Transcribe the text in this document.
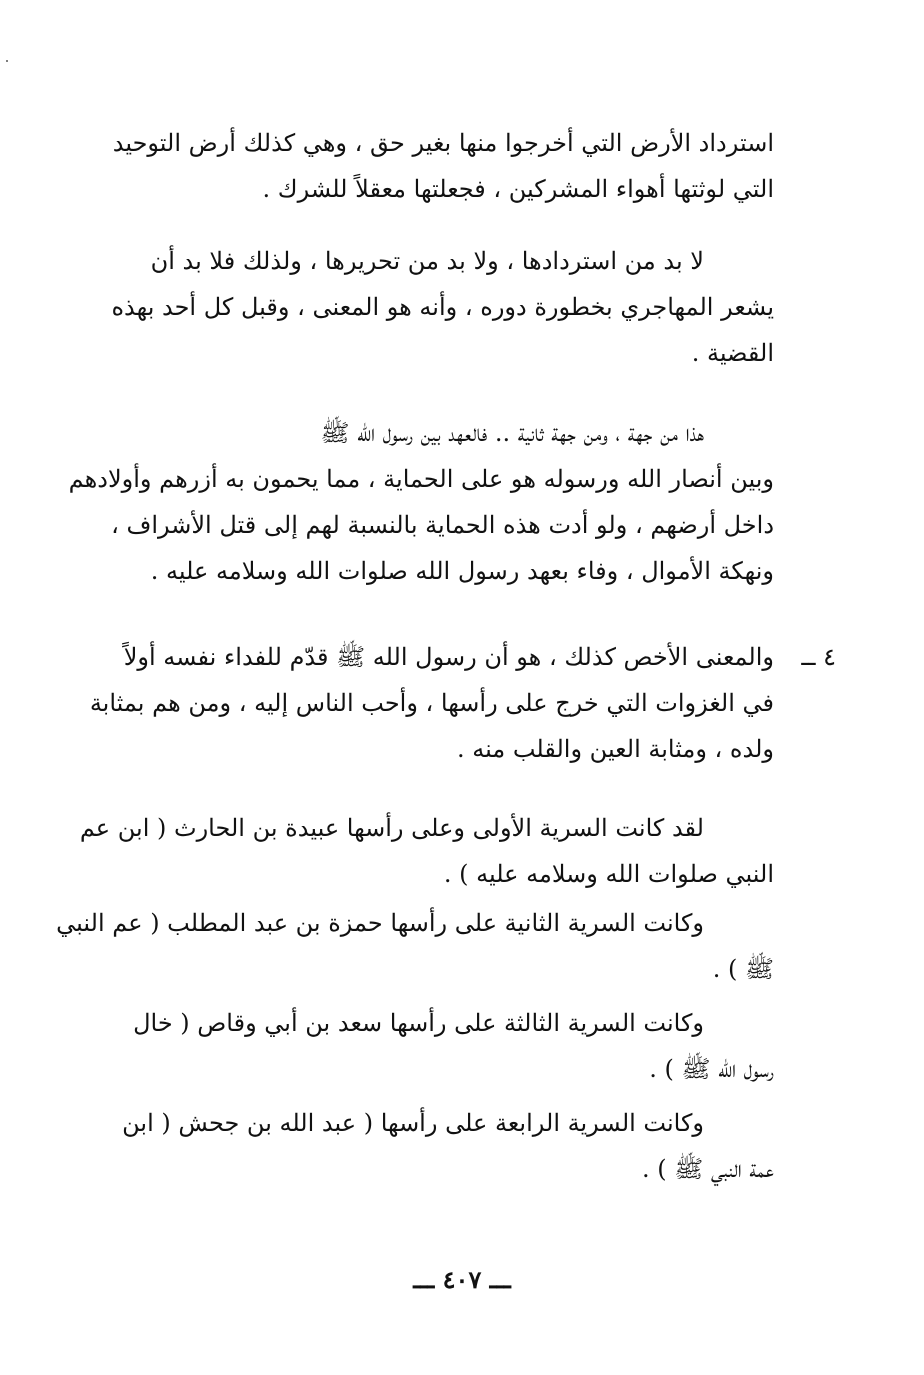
استرداد الأرض التي أخرجوا منها بغير حق ، وهي كذلك أرض التوحيد
التي لوثتها أهواء المشركين ، فجعلتها معقلاً للشرك .

لا بد من استردادها ، ولا بد من تحريرها ، ولذلك فلا بد أن
يشعر المهاجري بخطورة دوره ، وأنه هو المعنى ، وقبل كل أحد بهذه
القضية .

هذا من جهة ، ومن جهة ثانية .. فالعهد بين رسول الله ﷺ
وبين أنصار الله ورسوله هو على الحماية ، مما يحمون به أزرهم وأولادهم
داخل أرضهم ، ولو أدت هذه الحماية بالنسبة لهم إلى قتل الأشراف ،
ونهكة الأموال ، وفاء بعهد رسول الله صلوات الله وسلامه عليه .

٤ ــ

والمعنى الأخص كذلك ، هو أن رسول الله ﷺ قدّم للفداء نفسه أولاً
في الغزوات التي خرج على رأسها ، وأحب الناس إليه ، ومن هم بمثابة
ولده ، ومثابة العين والقلب منه .

لقد كانت السرية الأولى وعلى رأسها عبيدة بن الحارث ( ابن عم
النبي صلوات الله وسلامه عليه ) .

وكانت السرية الثانية على رأسها حمزة بن عبد المطلب ( عم النبي
ﷺ ) .

وكانت السرية الثالثة على رأسها سعد بن أبي وقاص ( خال
رسول الله ﷺ ) .

وكانت السرية الرابعة على رأسها ( عبد الله بن جحش ( ابن
عمة النبي ﷺ ) .

ـــ ٤٠٧ ـــ
